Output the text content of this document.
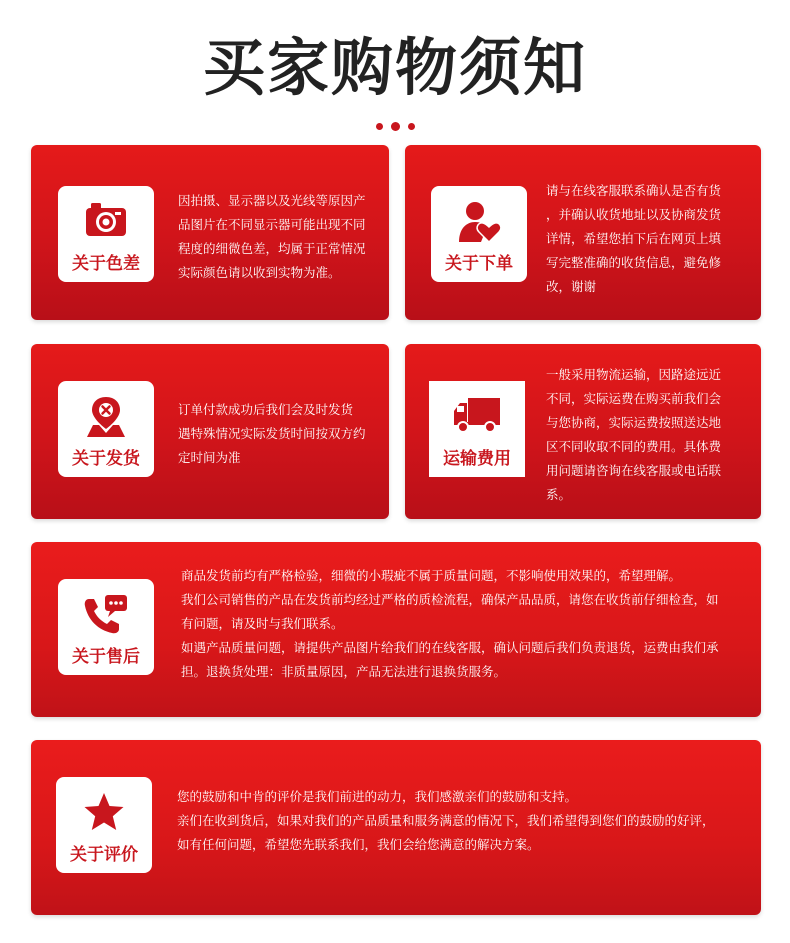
买家购物须知
关于色差

因拍摄、显示器以及光线等原因产

品图片在不同显示器可能出现不同

程度的细微色差，均属于正常情况

实际颜色请以收到实物为准。	关于下单

请与在线客服联系确认是否有货

，并确认收货地址以及协商发货

详情，希望您拍下后在网页上填

写完整准确的收货信息，避免修

改，谢谢

关于发货

订单付款成功后我们会及时发货

遇特殊情况实际发货时间按双方约

定时间为准	运输费用

一般采用物流运输，因路途远近

不同，实际运费在购买前我们会

与您协商，实际运费按照送达地

区不同收取不同的费用。具体费

用问题请咨询在线客服或电话联

系。

关于售后

商品发货前均有严格检验，细微的小瑕疵不属于质量问题，不影响使用效果的，希望理解。

我们公司销售的产品在发货前均经过严格的质检流程，确保产品品质，请您在收货前仔细检查，如

有问题，请及时与我们联系。

如遇产品质量问题，请提供产品图片给我们的在线客服，确认问题后我们负责退货，运费由我们承

担。退换货处理：非质量原因，产品无法进行退换货服务。

关于评价

您的鼓励和中肯的评价是我们前进的动力，我们感激亲们的鼓励和支持。

亲们在收到货后，如果对我们的产品质量和服务满意的情况下，我们希望得到您们的鼓励的好评，

如有任何问题，希望您先联系我们，我们会给您满意的解决方案。
